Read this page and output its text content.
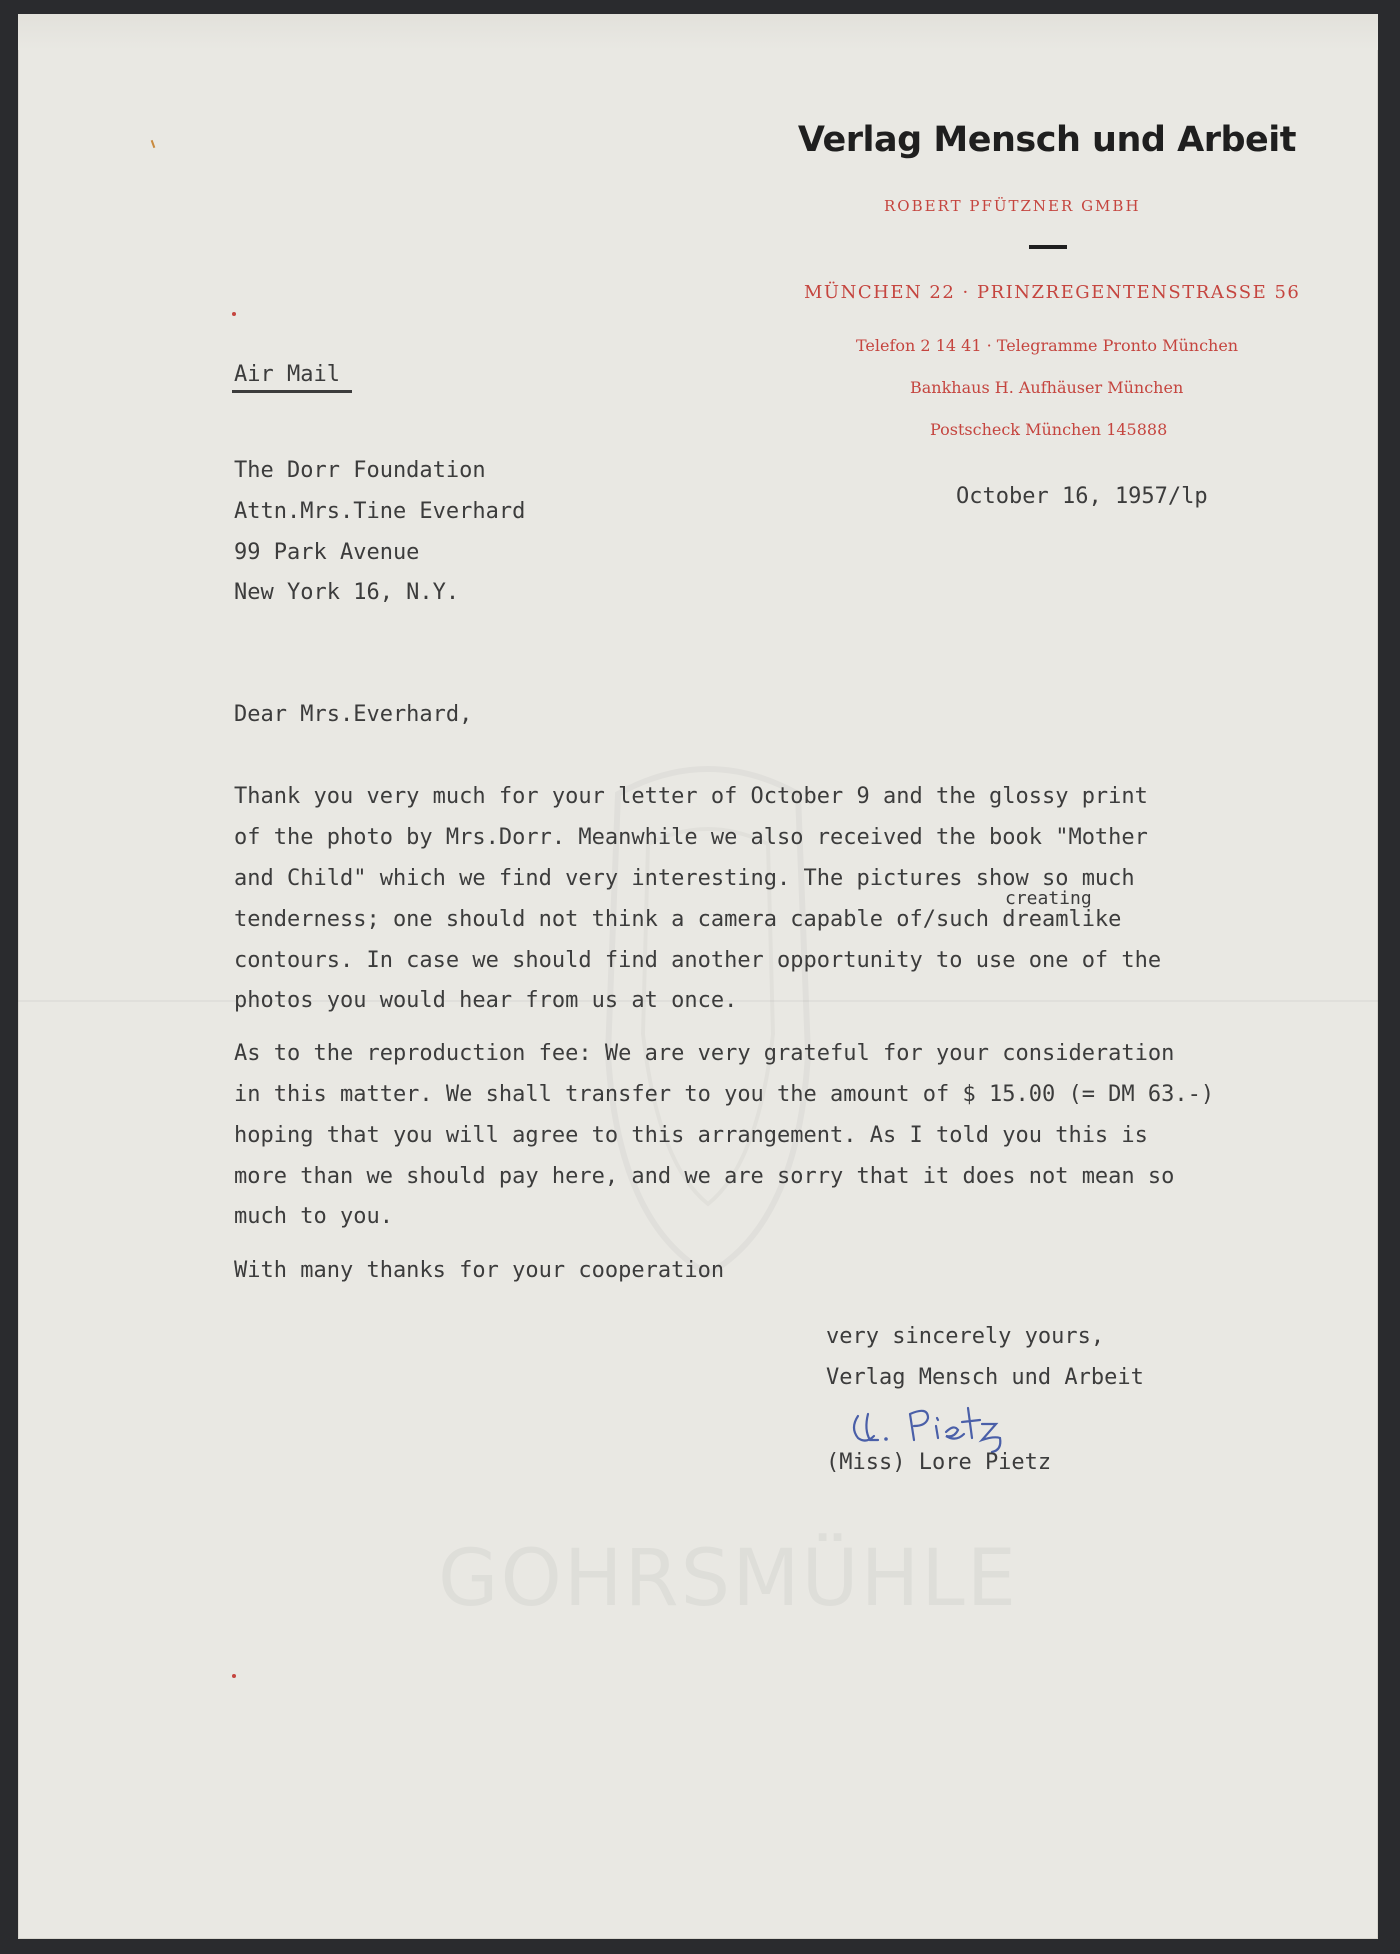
Verlag Mensch und Arbeit
ROBERT PFÜTZNER GMBH
MÜNCHEN 22 · PRINZREGENTENSTRASSE 56
Telefon 2 14 41 · Telegramme Pronto München
Bankhaus H. Aufhäuser München
Postscheck München 145888
Air Mail
October 16, 1957/lp
The Dorr Foundation
Attn.Mrs.Tine Everhard
99 Park Avenue
New York 16, N.Y.
Dear Mrs.Everhard,
Thank you very much for your letter of October 9 and the glossy print
of the photo by Mrs.Dorr. Meanwhile we also received the book "Mother
and Child" which we find very interesting. The pictures show so much
creating
tenderness; one should not think a camera capable of/such dreamlike
contours. In case we should find another opportunity to use one of the
photos you would hear from us at once.
As to the reproduction fee: We are very grateful for your consideration
in this matter. We shall transfer to you the amount of $ 15.00 (= DM 63.-)
hoping that you will agree to this arrangement. As I told you this is
more than we should pay here, and we are sorry that it does not mean so
much to you.
With many thanks for your cooperation
very sincerely yours,
Verlag Mensch und Arbeit
(Miss) Lore Pietz
